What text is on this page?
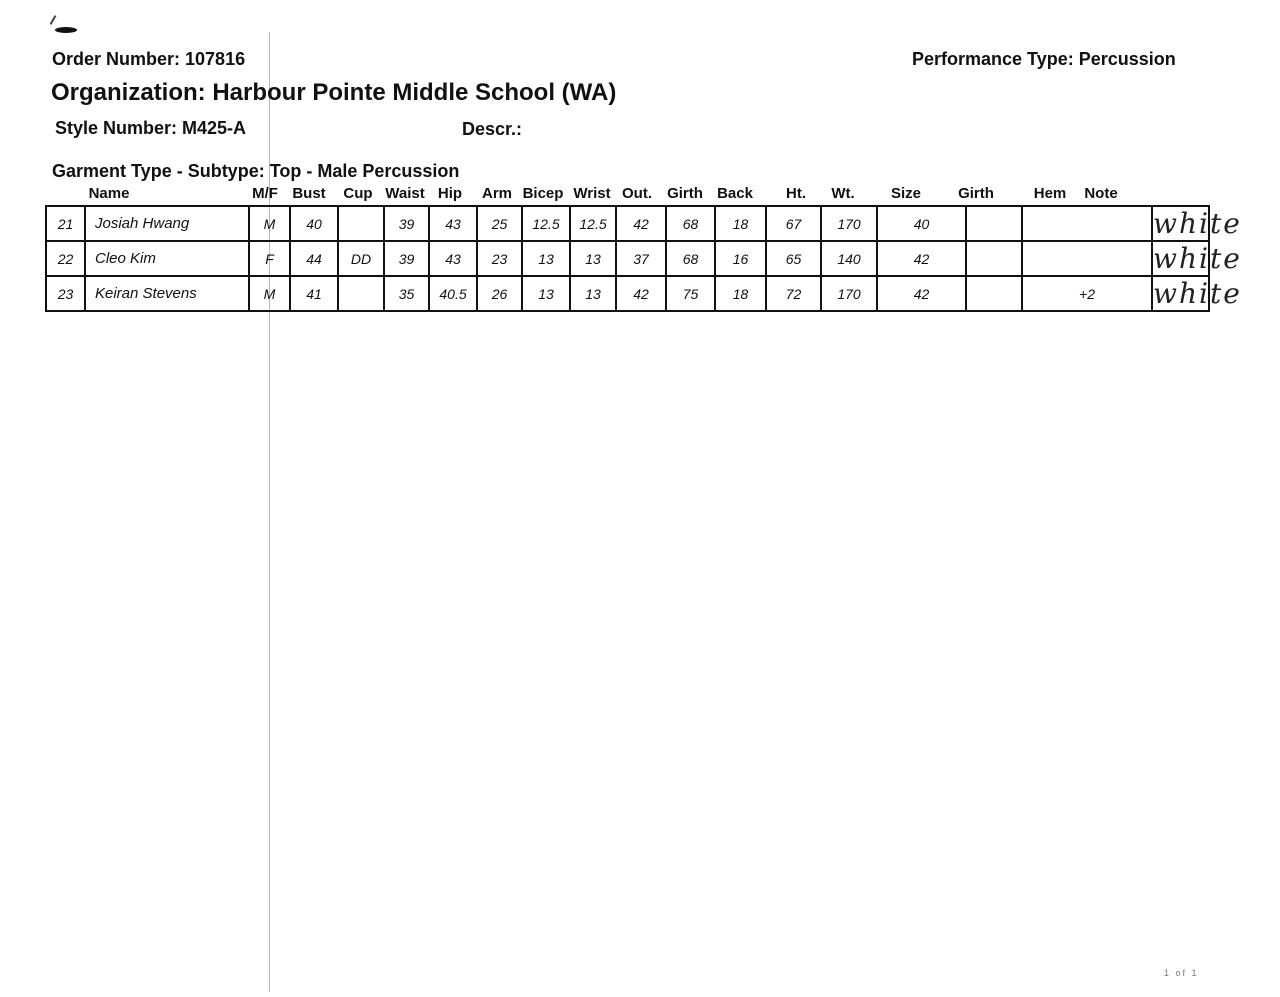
Order Number: 107816	Performance Type: Percussion
Organization: Harbour Pointe Middle School (WA)
Style Number: M425-A	Descr.:
Garment Type - Subtype: Top - Male Percussion
Name	M/F Bust Cup Waist Hip Arm Bicep Wrist Out. Girth Back Ht. Wt. Size Girth	Hem Note
21	Josiah Hwang	M	40		39	43	25	12.5	12.5	42	68	18	67	170	40			white
22	Cleo Kim	F	44	DD	39	43	23	13	13	37	68	16	65	140	42			white
23	Keiran Stevens	M	41		35	40.5	26	13	13	42	75	18	72	170	42		+2	white
1 of 1
